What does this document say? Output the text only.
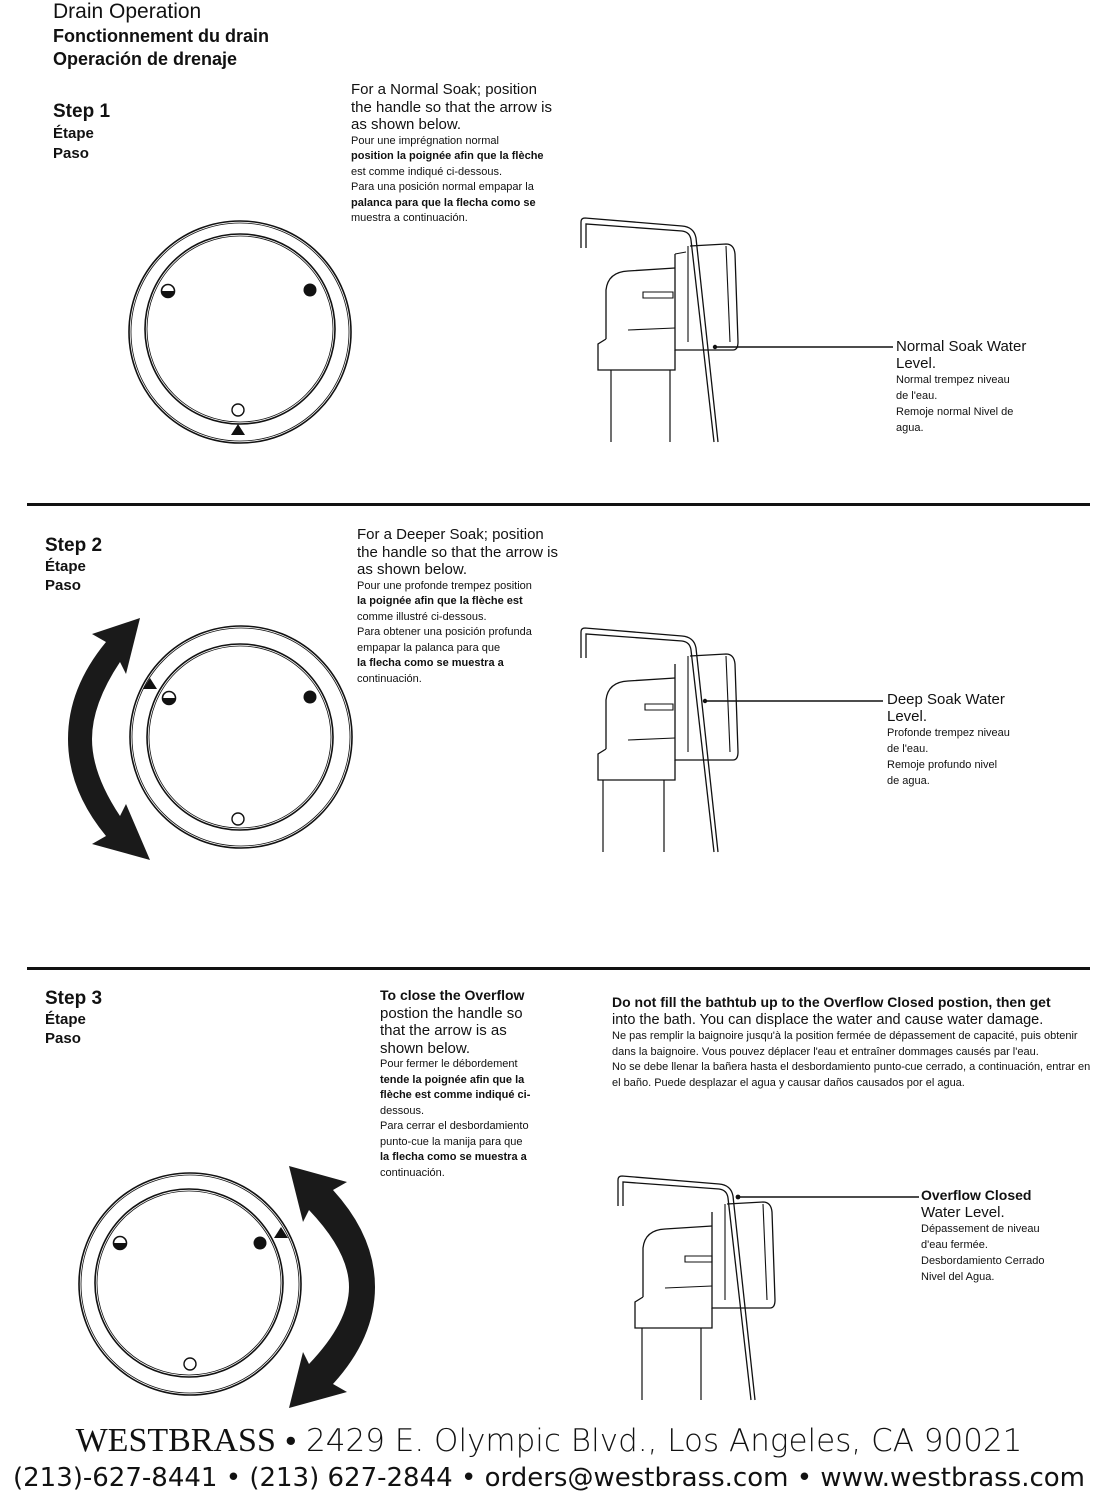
Drain Operation
Fonctionnement du drain
Operación de drenaje
Step 1
Étape
Paso
For a Normal Soak; position the handle so that the arrow is as shown below.
Pour une imprégnation normal
position la poignée afin que la flèche
est comme indiqué ci-dessous.
Para una posición normal empapar la
palanca para que la flecha como se
muestra a continuación.
Normal Soak Water
Level.
Normal trempez niveau
de l'eau.
Remoje normal Nivel de
agua.
Step 2
Étape
Paso
For a Deeper Soak; position the handle so that the arrow is as shown below.
Pour une profonde trempez position
la poignée afin que la flèche est
comme illustré ci-dessous.
Para obtener una posición profunda
empapar la palanca para que
la flecha como se muestra a
continuación.
Deep Soak Water
Level.
Profonde trempez niveau
de l'eau.
Remoje profundo nivel
de agua.
Step 3
Étape
Paso
To close the Overflow
postion the handle so that the arrow is as shown below.
Pour fermer le débordement
tende la poignée afin que la flèche est comme indiqué ci-
dessous.
Para cerrar el desbordamiento punto-cue la manija para que
la flecha como se muestra a
continuación.
Do not fill the bathtub up to the Overflow Closed postion, then get
into the bath. You can displace the water and cause water damage.
Ne pas remplir la baignoire jusqu'à la position fermée de dépassement de capacité, puis obtenir dans la baignoire. Vous pouvez déplacer l'eau et entraîner dommages causés par l'eau.
No se debe llenar la bañera hasta el desbordamiento punto-cue cerrado, a continuación, entrar en el baño. Puede desplazar el agua y causar daños causados por el agua.
Overflow Closed
Water Level.
Dépassement de niveau
d'eau fermée.
Desbordamiento Cerrado
Nivel del Agua.
WESTBRASS • 2429 E. Olympic Blvd., Los Angeles, CA 90021
(213)-627-8441 • (213) 627-2844 • orders@westbrass.com • www.westbrass.com
